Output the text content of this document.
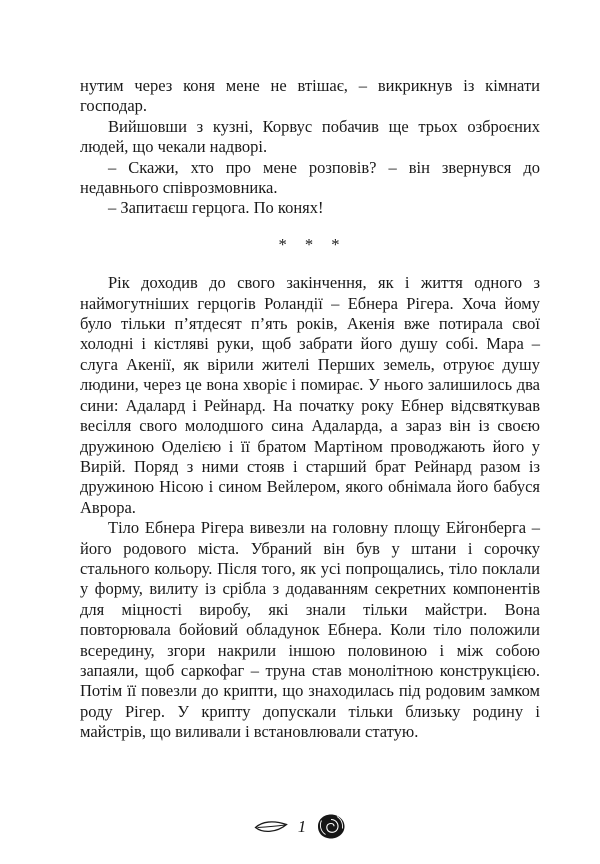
нутим через коня мене не втішає, – викрикнув із кімнати господар.

Вийшовши з кузні, Корвус побачив ще трьох озброєних людей, що чекали надворі.

– Скажи, хто про мене розповів? – він звернувся до недавнього співрозмовника.

– Запитаєш герцога. По конях!

* * *

Рік доходив до свого закінчення, як і життя одного з наймогутніших герцогів Роландії – Ебнера Рігера. Хоча йому було тільки п’ятдесят п’ять років, Акенія вже потирала свої холодні і кістляві руки, щоб забрати його душу собі. Мара – слуга Акенії, як вірили жителі Перших земель, отруює душу людини, через це вона хворіє і помирає. У нього залишилось два сини: Адалард і Рейнард. На початку року Ебнер відсвяткував весілля свого молодшого сина Адаларда, а зараз він із своєю дружиною Оделією і її братом Мартіном проводжають його у Вирій. Поряд з ними стояв і старший брат Рейнард разом із дружиною Нісою і сином Вейлером, якого обнімала його бабуся Аврора.

Тіло Ебнера Рігера вивезли на головну площу Ейгонберга – його родового міста. Убраний він був у штани і сорочку стального кольору. Після того, як усі попрощались, тіло поклали у форму, вилиту із срібла з додаванням секретних компонентів для міцності виробу, які знали тільки майстри. Вона повторювала бойовий обладунок Ебнера. Коли тіло положили всередину, згори накрили іншою половиною і між собою запаяли, щоб саркофаг – труна став монолітною конструкцією. Потім її повезли до крипти, що знаходилась під родовим замком роду Рігер. У крипту допускали тільки близьку родину і майстрів, що виливали і встановлювали статую.

1
